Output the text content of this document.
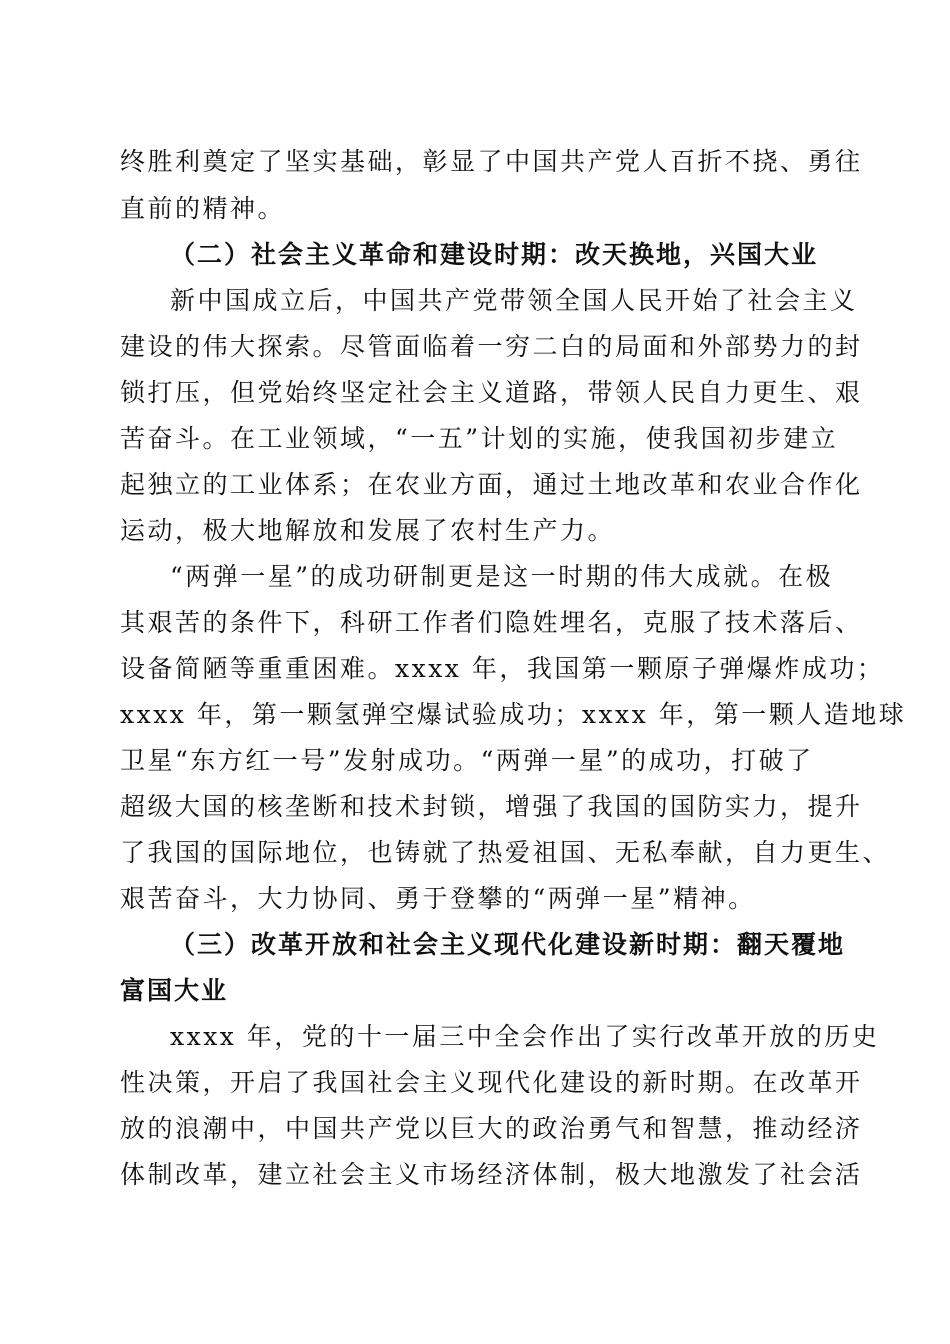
终胜利奠定了坚实基础，彰显了中国共产党人百折不挠、勇往
直前的精神。
（二）社会主义革命和建设时期：改天换地，兴国大业
新中国成立后，中国共产党带领全国人民开始了社会主义
建设的伟大探索。尽管面临着一穷二白的局面和外部势力的封
锁打压，但党始终坚定社会主义道路，带领人民自力更生、艰
苦奋斗。在工业领域，“一五”计划的实施，使我国初步建立
起独立的工业体系；在农业方面，通过土地改革和农业合作化
运动，极大地解放和发展了农村生产力。
“两弹一星”的成功研制更是这一时期的伟大成就。在极
其艰苦的条件下，科研工作者们隐姓埋名，克服了技术落后、
设备简陋等重重困难。xxxx 年，我国第一颗原子弹爆炸成功；
xxxx 年，第一颗氢弹空爆试验成功；xxxx 年，第一颗人造地球
卫星“东方红一号”发射成功。“两弹一星”的成功，打破了
超级大国的核垄断和技术封锁，增强了我国的国防实力，提升
了我国的国际地位，也铸就了热爱祖国、无私奉献，自力更生、
艰苦奋斗，大力协同、勇于登攀的“两弹一星”精神。
（三）改革开放和社会主义现代化建设新时期：翻天覆地
富国大业
xxxx 年，党的十一届三中全会作出了实行改革开放的历史
性决策，开启了我国社会主义现代化建设的新时期。在改革开
放的浪潮中，中国共产党以巨大的政治勇气和智慧，推动经济
体制改革，建立社会主义市场经济体制，极大地激发了社会活
